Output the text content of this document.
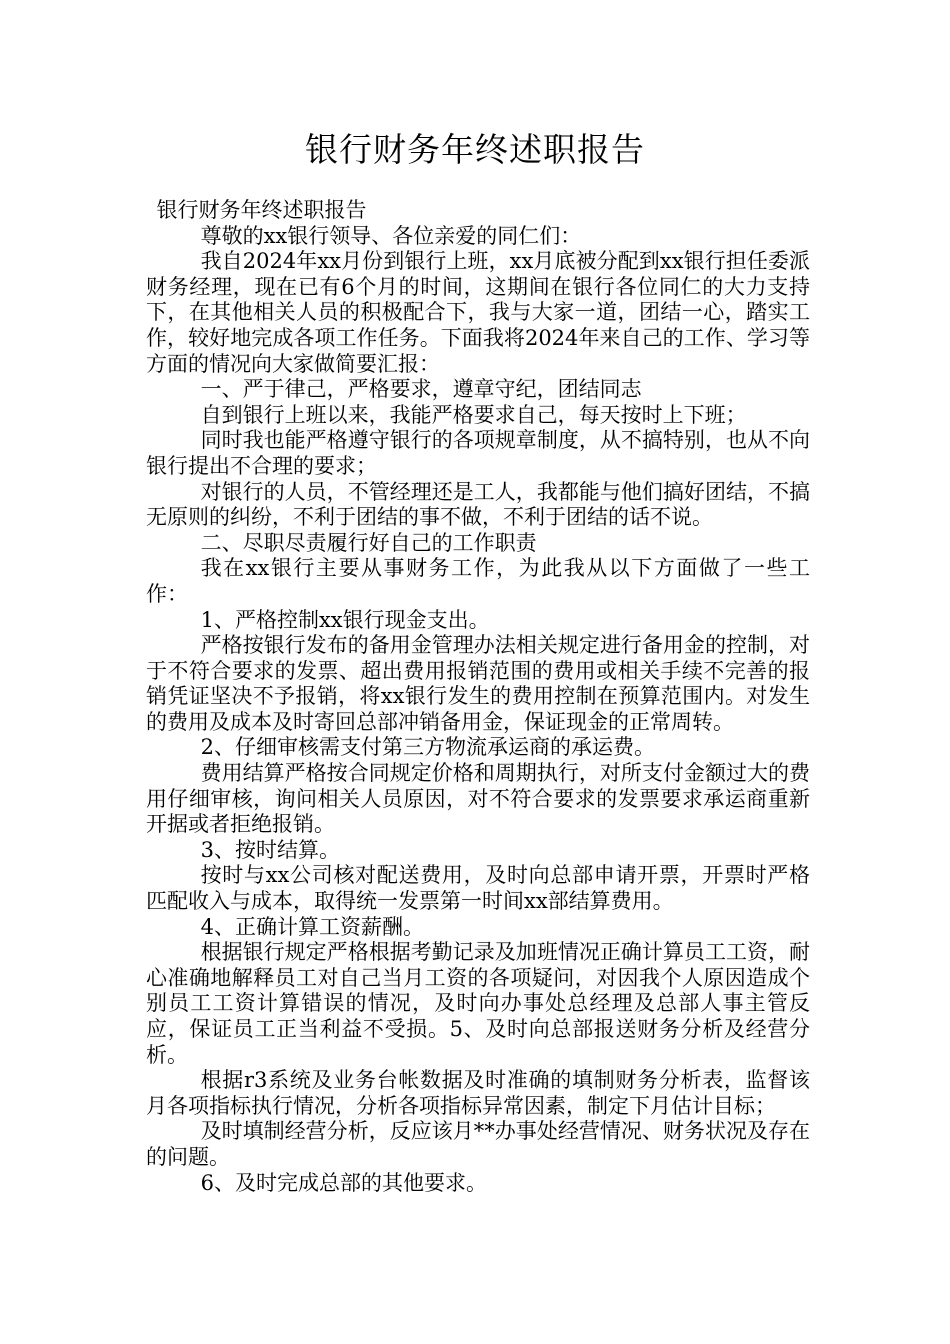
银行财务年终述职报告

银行财务年终述职报告

尊敬的xx银行领导、各位亲爱的同仁们：

我自2024年xx月份到银行上班，xx月底被分配到xx银行担任委派财务经理，现在已有6个月的时间，这期间在银行各位同仁的大力支持下，在其他相关人员的积极配合下，我与大家一道，团结一心，踏实工作，较好地完成各项工作任务。下面我将2024年来自己的工作、学习等方面的情况向大家做简要汇报：

一、严于律己，严格要求，遵章守纪，团结同志

自到银行上班以来，我能严格要求自己，每天按时上下班；

同时我也能严格遵守银行的各项规章制度，从不搞特别，也从不向银行提出不合理的要求；

对银行的人员，不管经理还是工人，我都能与他们搞好团结，不搞无原则的纠纷，不利于团结的事不做，不利于团结的话不说。

二、尽职尽责履行好自己的工作职责

我在xx银行主要从事财务工作，为此我从以下方面做了一些工作：

1、严格控制xx银行现金支出。

严格按银行发布的备用金管理办法相关规定进行备用金的控制，对于不符合要求的发票、超出费用报销范围的费用或相关手续不完善的报销凭证坚决不予报销，将xx银行发生的费用控制在预算范围内。对发生的费用及成本及时寄回总部冲销备用金，保证现金的正常周转。

2、仔细审核需支付第三方物流承运商的承运费。

费用结算严格按合同规定价格和周期执行，对所支付金额过大的费用仔细审核，询问相关人员原因，对不符合要求的发票要求承运商重新开据或者拒绝报销。

3、按时结算。

按时与xx公司核对配送费用，及时向总部申请开票，开票时严格匹配收入与成本，取得统一发票第一时间xx部结算费用。

4、正确计算工资薪酬。

根据银行规定严格根据考勤记录及加班情况正确计算员工工资，耐心准确地解释员工对自己当月工资的各项疑问，对因我个人原因造成个别员工工资计算错误的情况，及时向办事处总经理及总部人事主管反应，保证员工正当利益不受损。5、及时向总部报送财务分析及经营分析。

根据r3系统及业务台帐数据及时准确的填制财务分析表，监督该月各项指标执行情况，分析各项指标异常因素，制定下月估计目标；

及时填制经营分析，反应该月**办事处经营情况、财务状况及存在的问题。

6、及时完成总部的其他要求。
